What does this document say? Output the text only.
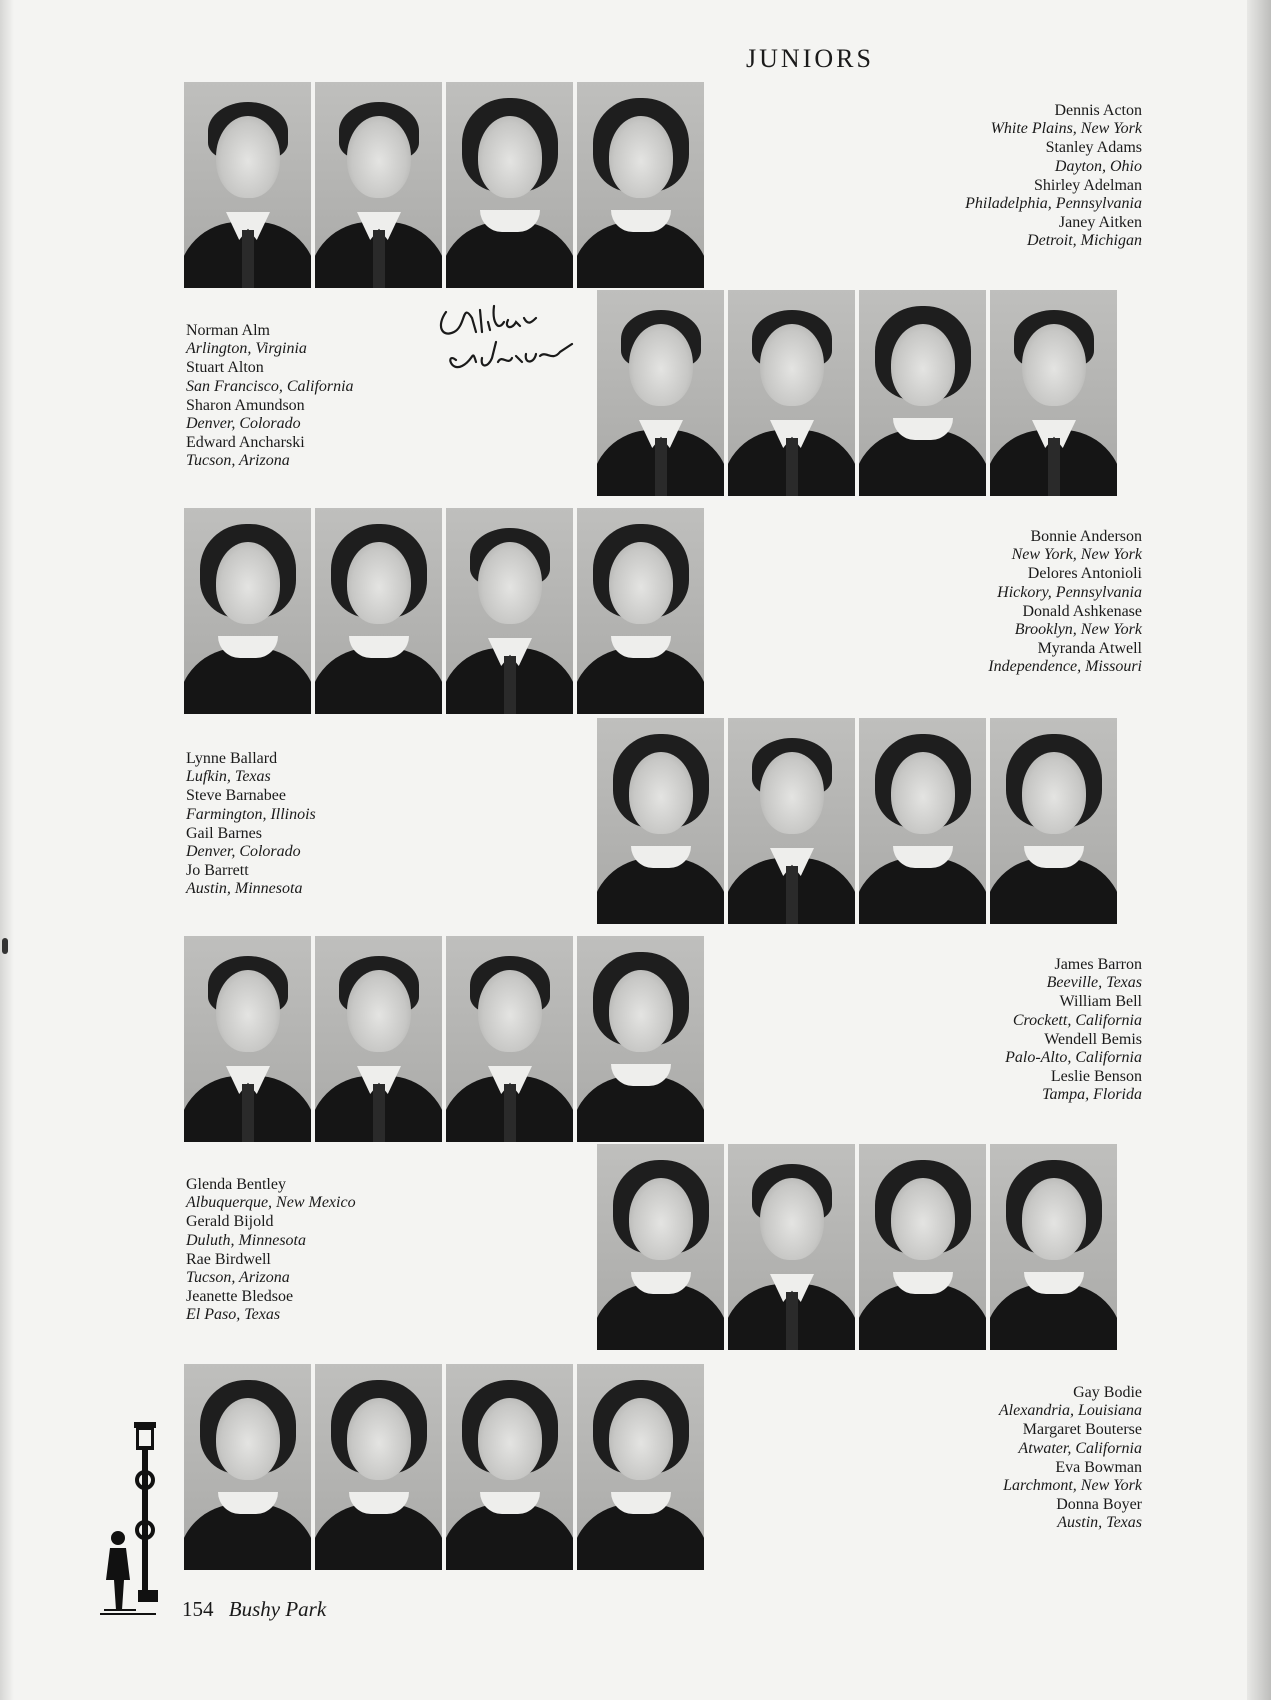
JUNIORS
Dennis Acton
White Plains, New York
Stanley Adams
Dayton, Ohio
Shirley Adelman
Philadelphia, Pennsylvania
Janey Aitken
Detroit, Michigan
Norman Alm
Arlington, Virginia
Stuart Alton
San Francisco, California
Sharon Amundson
Denver, Colorado
Edward Ancharski
Tucson, Arizona
Bonnie Anderson
New York, New York
Delores Antonioli
Hickory, Pennsylvania
Donald Ashkenase
Brooklyn, New York
Myranda Atwell
Independence, Missouri
Lynne Ballard
Lufkin, Texas
Steve Barnabee
Farmington, Illinois
Gail Barnes
Denver, Colorado
Jo Barrett
Austin, Minnesota
James Barron
Beeville, Texas
William Bell
Crockett, California
Wendell Bemis
Palo-Alto, California
Leslie Benson
Tampa, Florida
Glenda Bentley
Albuquerque, New Mexico
Gerald Bijold
Duluth, Minnesota
Rae Birdwell
Tucson, Arizona
Jeanette Bledsoe
El Paso, Texas
Gay Bodie
Alexandria, Louisiana
Margaret Bouterse
Atwater, California
Eva Bowman
Larchmont, New York
Donna Boyer
Austin, Texas
154 Bushy Park
